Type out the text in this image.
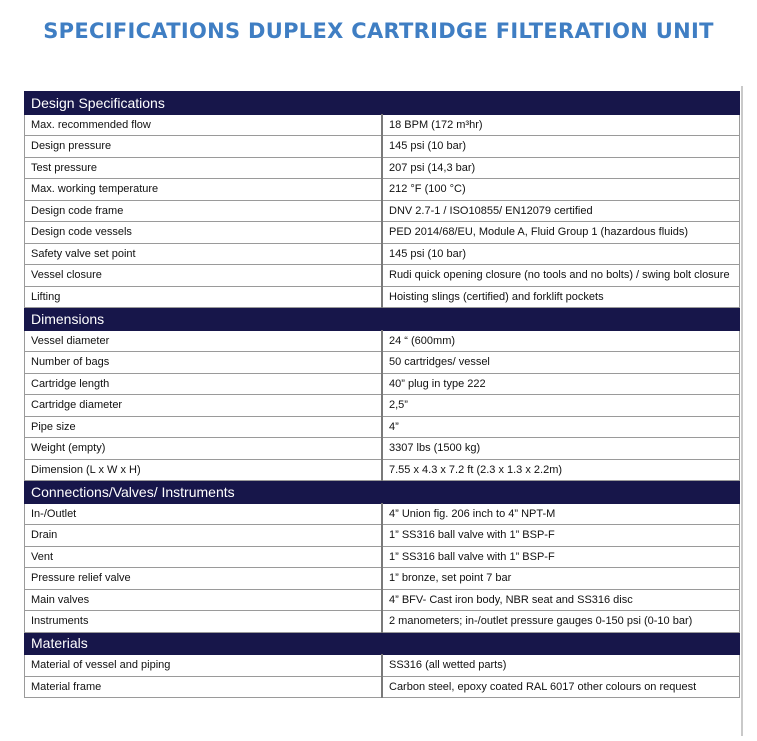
SPECIFICATIONS DUPLEX CARTRIDGE FILTERATION UNIT
Design Specifications	
Max. recommended flow	18 BPM (172 m³hr)
Design pressure	145 psi (10 bar)
Test pressure	207 psi (14,3 bar)
Max. working temperature	212 °F (100 °C)
Design code frame	DNV 2.7-1 / ISO10855/ EN12079 certified
Design code vessels	PED 2014/68/EU, Module A, Fluid Group 1 (hazardous fluids)
Safety valve set point	145 psi (10 bar)
Vessel closure	Rudi quick opening closure (no tools and no bolts) / swing bolt closure
Lifting	Hoisting slings (certified) and forklift pockets
Dimensions	
Vessel diameter	24 “ (600mm)
Number of bags	50 cartridges/ vessel
Cartridge length	40” plug in type 222
Cartridge diameter	2,5”
Pipe size	4”
Weight (empty)	3307 lbs (1500 kg)
Dimension (L x W x H)	7.55 x 4.3 x 7.2 ft (2.3 x 1.3 x 2.2m)
Connections/Valves/ Instruments	
In-/Outlet	4” Union fig. 206 inch to 4” NPT-M
Drain	1” SS316 ball valve with 1” BSP-F
Vent	1” SS316 ball valve with 1” BSP-F
Pressure relief valve	1” bronze, set point 7 bar
Main valves	4” BFV- Cast iron body, NBR seat and SS316 disc
Instruments	2 manometers; in-/outlet pressure gauges 0-150 psi (0-10 bar)
Materials	
Material of vessel and piping	SS316 (all wetted parts)
Material frame	Carbon steel, epoxy coated RAL 6017 other colours on request
